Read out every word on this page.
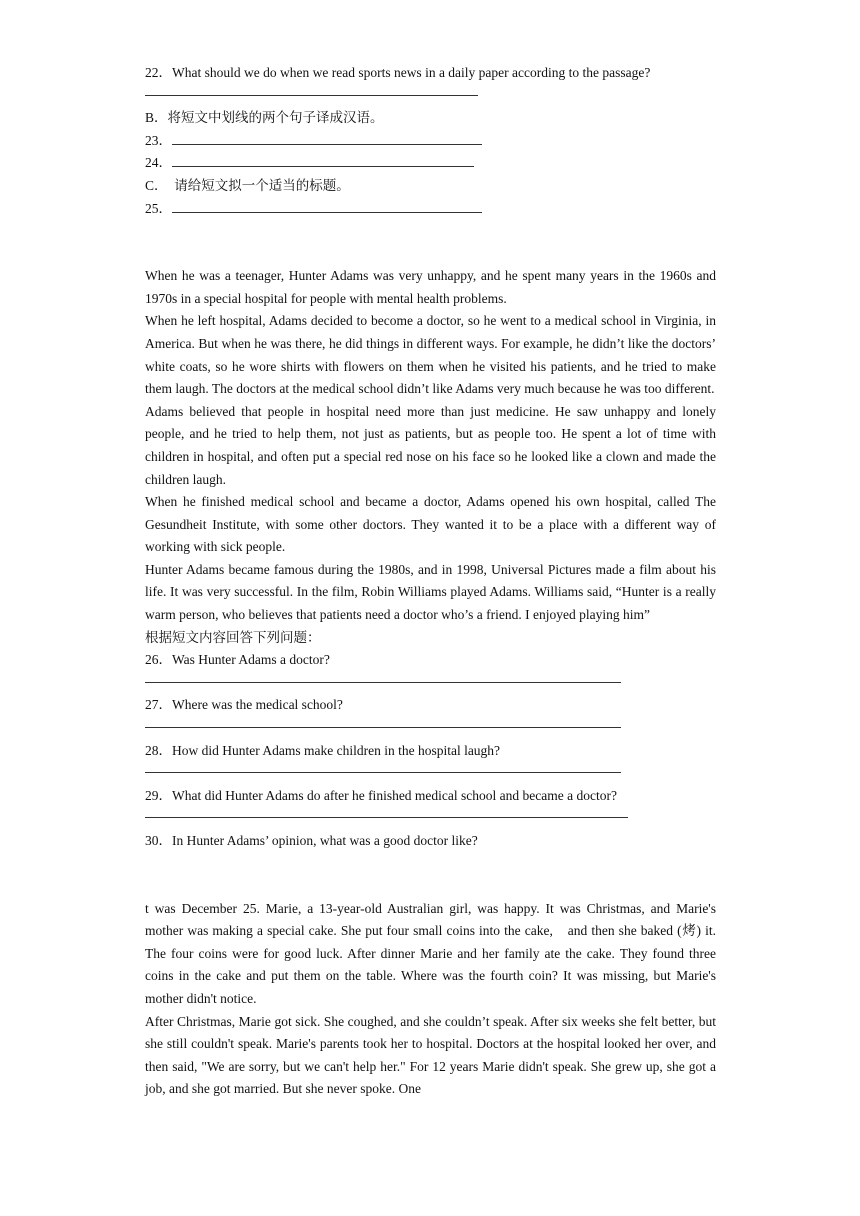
22．What should we do when we read sports news in a daily paper according to the passage?
B．将短文中划线的两个句子译成汉语。
23．
24．
C．　请给短文拟一个适当的标题。
25．
When he was a teenager, Hunter Adams was very unhappy, and he spent many years in the 1960s and 1970s in a special hospital for people with mental health problems.
When he left hospital, Adams decided to become a doctor, so he went to a medical school in Virginia, in America. But when he was there, he did things in different ways. For example, he didn’t like the doctors’ white coats, so he wore shirts with flowers on them when he visited his patients, and he tried to make them laugh. The doctors at the medical school didn’t like Adams very much because he was too different.
Adams believed that people in hospital need more than just medicine. He saw unhappy and lonely people, and he tried to help them, not just as patients, but as people too. He spent a lot of time with children in hospital, and often put a special red nose on his face so he looked like a clown and made the children laugh.
When he finished medical school and became a doctor, Adams opened his own hospital, called The Gesundheit Institute, with some other doctors. They wanted it to be a place with a different way of working with sick people.
Hunter Adams became famous during the 1980s, and in 1998, Universal Pictures made a film about his life. It was very successful. In the film, Robin Williams played Adams. Williams said, “Hunter is a really warm person, who believes that patients need a doctor who’s a friend. I enjoyed playing him”
根据短文内容回答下列问题：
26．Was Hunter Adams a doctor?
27．Where was the medical school?
28．How did Hunter Adams make children in the hospital laugh?
29．What did Hunter Adams do after he finished medical school and became a doctor?
30．In Hunter Adams’ opinion, what was a good doctor like?
t was December 25. Marie, a 13-year-old Australian girl, was happy. It was Christmas, and Marie's mother was making a special cake. She put four small coins into the cake,　and then she baked (烤) it. The four coins were for good luck. After dinner Marie and her family ate the cake. They found three coins in the cake and put them on the table. Where was the fourth coin? It was missing, but Marie's mother didn't notice.
After Christmas, Marie got sick. She coughed, and she couldn’t speak. After six weeks she felt better, but she still couldn't speak. Marie's parents took her to hospital. Doctors at the hospital looked her over, and then said, "We are sorry, but we can't help her." For 12 years Marie didn't speak. She grew up, she got a job, and she got married. But she never spoke. One
